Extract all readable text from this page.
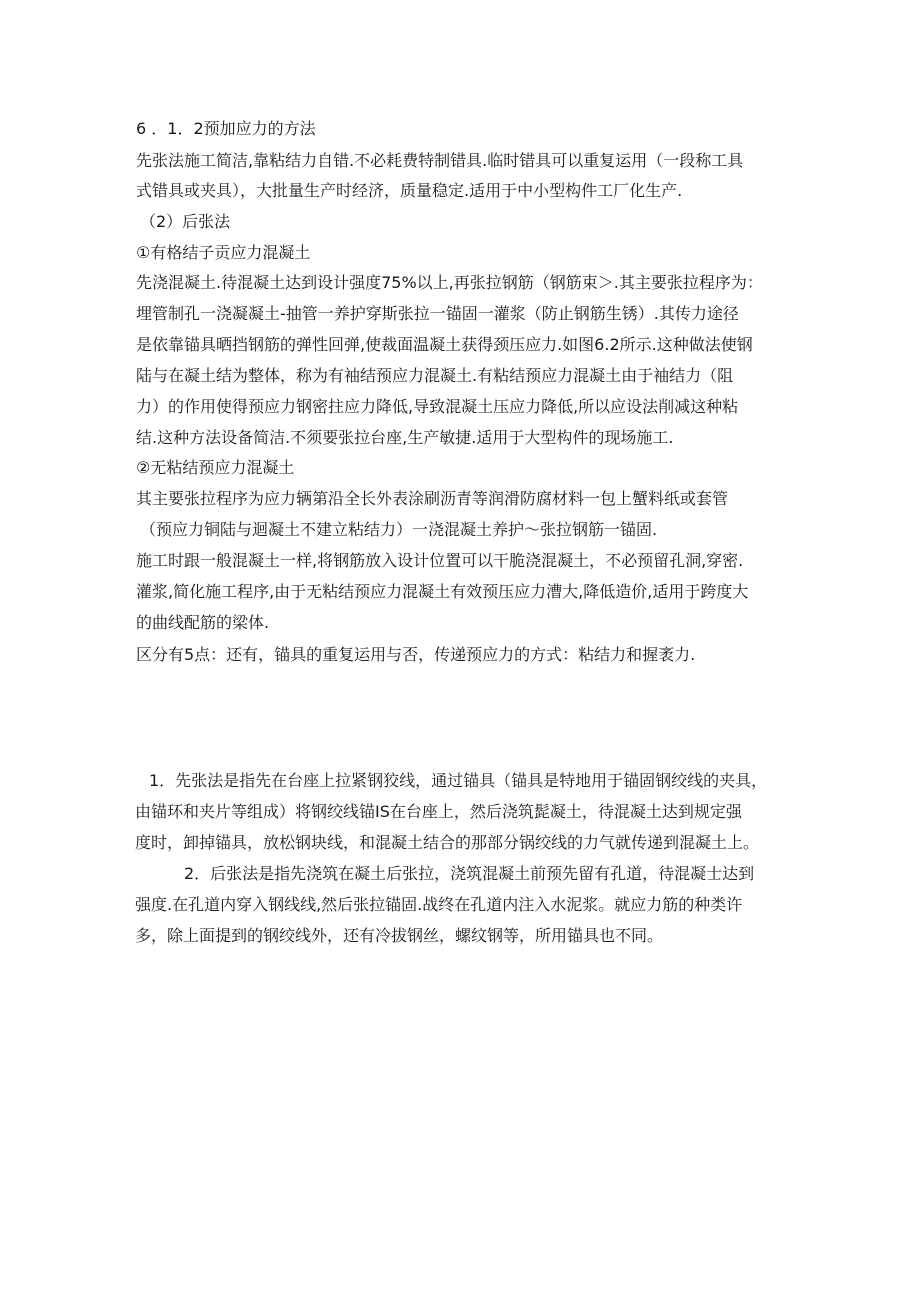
6 ．1．2预加应力的方法
先张法施工简洁,靠粘结力自错.不必耗费特制错具.临时错具可以重复运用（一段称工具
式错具或夹具），大批量生产时经济，质量稳定.适用于中小型构件工厂化生产.
（2）后张法
①有格结子贡应力混凝土
先浇混凝土.待混凝土达到设计强度75%以上,再张拉钢筋（钢筋束＞.其主要张拉程序为：
埋管制孔一浇凝凝土-抽管一养护穿斯张拉一锚固一灌浆（防止钢筋生锈）.其传力途径
是依靠锚具晒挡钢筋的弹性回弹,使裁面温凝土获得颈压应力.如图6.2所示.这种做法使钢
陆与在凝土结为整体，称为有袖结预应力混凝土.有粘结预应力混凝土由于袖结力（阻
力）的作用使得预应力钢密拄应力降低,导致混凝土压应力降低,所以应设法削减这种粘
结.这种方法设备简洁.不须要张拉台座,生产敏捷.适用于大型构件的现场施工.
②无粘结预应力混凝土
其主要张拉程序为应力辆第沿全长外表涂刷沥青等润滑防腐材料一包上蟹料纸或套管
（预应力铜陆与迴凝土不建立粘结力）一浇混凝土养护～张拉钢筋一锚固.
施工时跟一般混凝土一样,将钢筋放入设计位置可以干脆浇混凝土，不必预留孔洞,穿密.
灌浆,简化施工程序,由于无粘结预应力混凝土有效预压应力漕大,降低造价,适用于跨度大
的曲线配筋的梁体.
区分有5点：还有，锚具的重复运用与否，传递预应力的方式：粘结力和握袤力.
1．先张法是指先在台座上拉紧钢狡线，通过锚具（锚具是特地用于锚固钢绞线的夹具，
由锚环和夹片等组成）将钢绞线锚IS在台座上，然后浇筑髭凝土，待混凝土达到规定强
度时，卸掉锚具，放松钢块线，和混凝土结合的那部分锅绞线的力气就传递到混凝土上。
2．后张法是指先浇筑在凝土后张拉，浇筑混凝土前预先留有孔道，待混凝士达到
强度.在孔道内穿入钢线线,然后张拉锚固.战终在孔道内注入水泥浆。就应力筋的种类许
多，除上面提到的钢绞线外，还有冷拔钢丝，螺纹钢等，所用锚具也不同。
